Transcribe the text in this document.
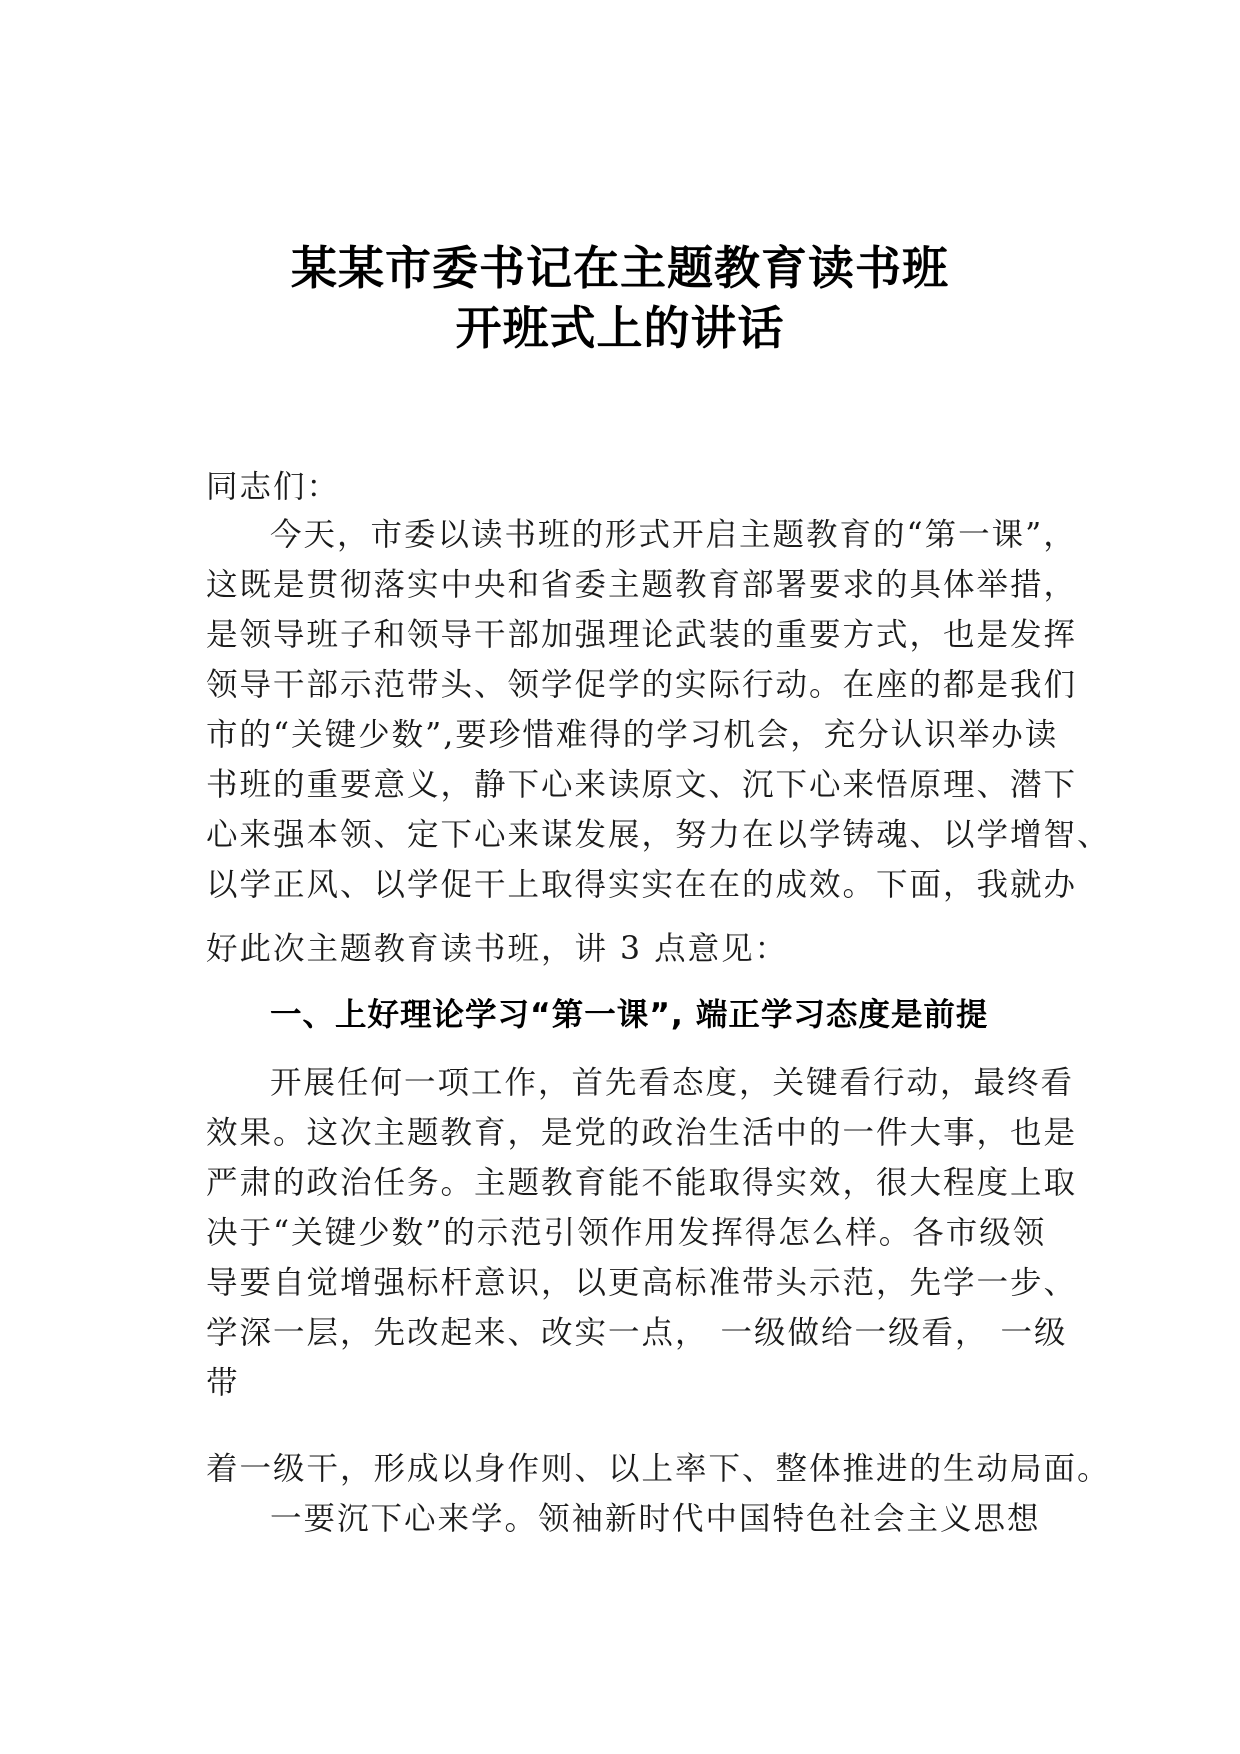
某某市委书记在主题教育读书班
开班式上的讲话
同志们：
今天，市委以读书班的形式开启主题教育的“第一课”，
这既是贯彻落实中央和省委主题教育部署要求的具体举措，
是领导班子和领导干部加强理论武装的重要方式，也是发挥
领导干部示范带头、领学促学的实际行动。在座的都是我们
市的“关键少数”,要珍惜难得的学习机会，充分认识举办读
书班的重要意义，静下心来读原文、沉下心来悟原理、潜下
心来强本领、定下心来谋发展，努力在以学铸魂、以学增智、
以学正风、以学促干上取得实实在在的成效。下面，我就办
好此次主题教育读书班，讲 3 点意见：
一、上好理论学习“第一课”, 端正学习态度是前提
开展任何一项工作，首先看态度，关键看行动，最终看
效果。这次主题教育，是党的政治生活中的一件大事，也是
严肃的政治任务。主题教育能不能取得实效，很大程度上取
决于“关键少数”的示范引领作用发挥得怎么样。各市级领
导要自觉增强标杆意识，以更高标准带头示范，先学一步、
学深一层，先改起来、改实一点， 一级做给一级看， 一级
带
着一级干，形成以身作则、以上率下、整体推进的生动局面。
一要沉下心来学。领袖新时代中国特色社会主义思想
